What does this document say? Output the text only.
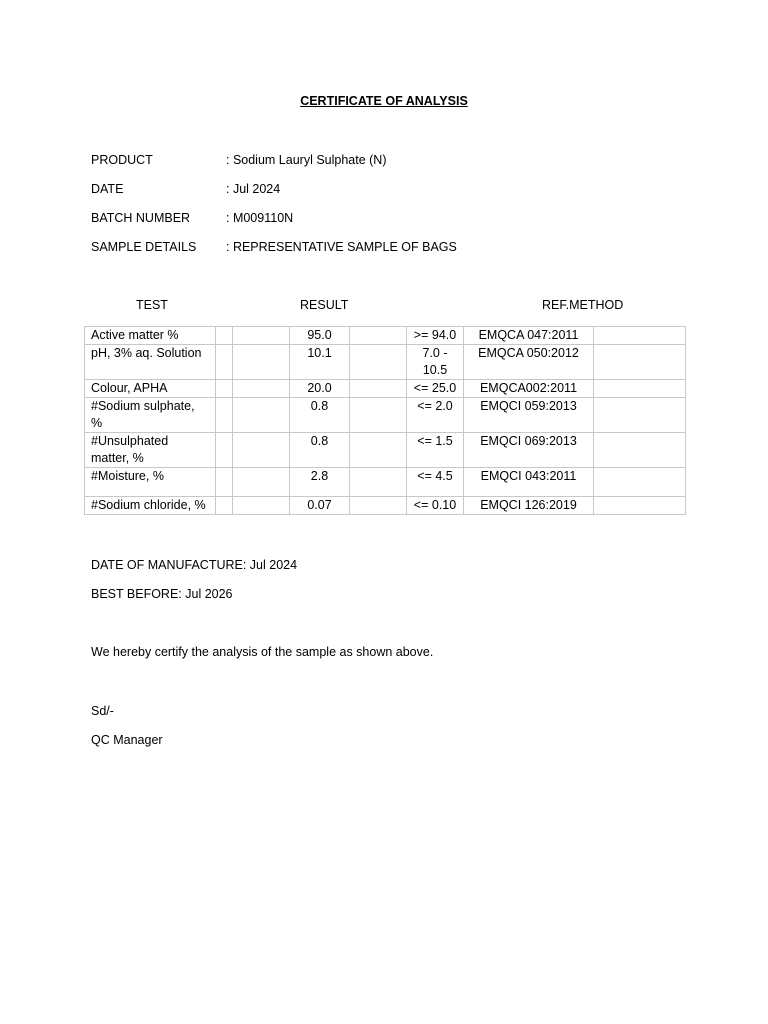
CERTIFICATE OF ANALYSIS
PRODUCT	: Sodium Lauryl Sulphate (N)
DATE	: Jul 2024
BATCH NUMBER	: M009110N
SAMPLE DETAILS : REPRESENTATIVE SAMPLE OF BAGS
TEST	RESULT	REF.METHOD
Active matter %			95.0		>= 94.0	EMQCA 047:2011	
pH, 3% aq. Solution			10.1		7.0 - 10.5	EMQCA 050:2012	
Colour, APHA			20.0		<= 25.0	EMQCA002:2011	
#Sodium sulphate, %			0.8		<= 2.0	EMQCI 059:2013	
#Unsulphated matter, %			0.8		<= 1.5	EMQCI 069:2013	
#Moisture, %			2.8		<= 4.5	EMQCI 043:2011	
#Sodium chloride, %			0.07		<= 0.10	EMQCI 126:2019	
DATE OF MANUFACTURE: Jul 2024
BEST BEFORE: Jul 2026
We hereby certify the analysis of the sample as shown above.
Sd/-
QC Manager
